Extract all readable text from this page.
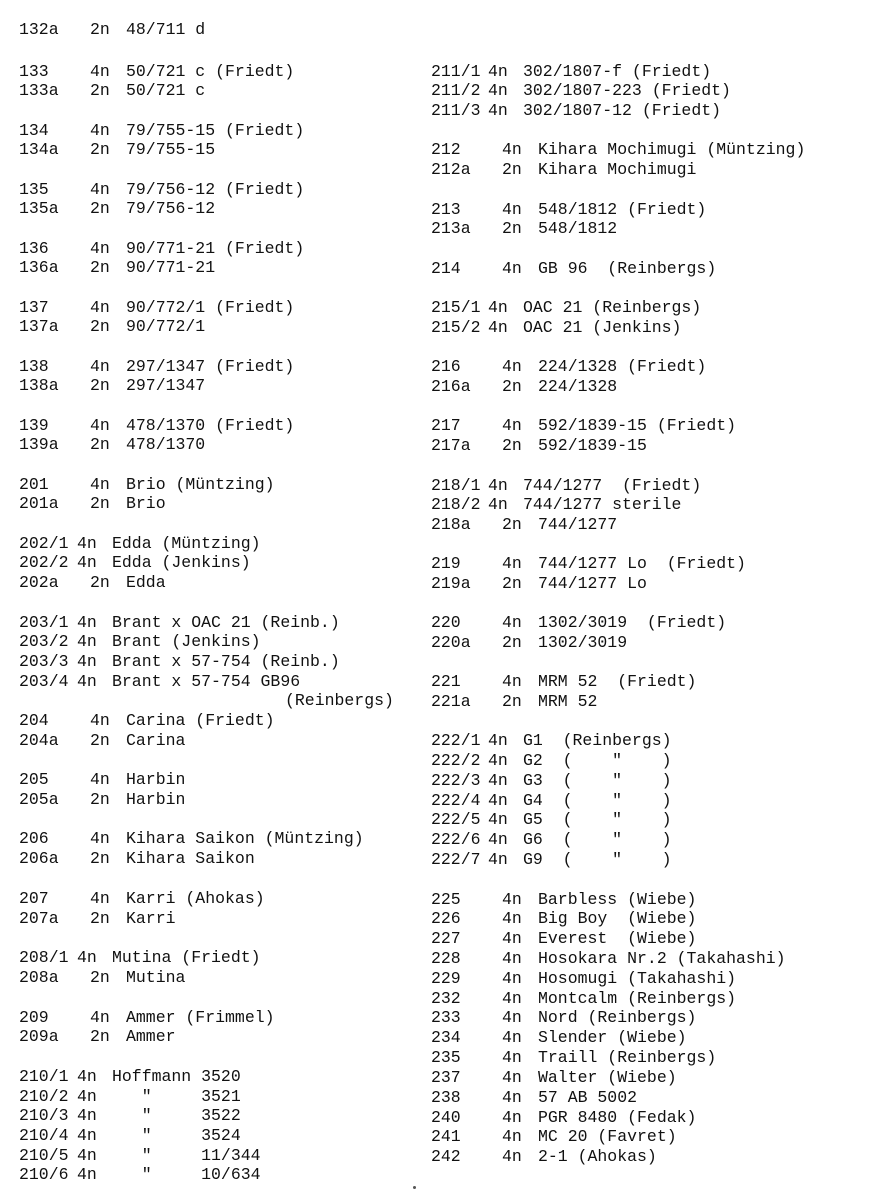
132a 2n 48/711 d
133	4n 50/721 c (Friedt)
133a 2n 50/721 c
134	4n 79/755-15 (Friedt)
134a 2n 79/755-15
135	4n 79/756-12 (Friedt)
135a 2n 79/756-12
136	4n 90/771-21 (Friedt)
136a 2n 90/771-21
137	4n 90/772/1 (Friedt)
137a 2n 90/772/1
138	4n 297/1347 (Friedt)
138a 2n 297/1347
139	4n 478/1370 (Friedt)
139a 2n 478/1370
201	4n Brio (Müntzing)
201a 2n Brio
202/1 4n Edda (Müntzing)
202/2 4n Edda (Jenkins)
202a 2n Edda
203/1 4n Brant x OAC 21 (Reinb.)
203/2 4n Brant (Jenkins)
203/3 4n Brant x 57-754 (Reinb.)
203/4 4n Brant x 57-754 GB96
(Reinbergs)
204	4n Carina (Friedt)
204a 2n Carina
205	4n Harbin
205a 2n Harbin
206	4n Kihara Saikon (Müntzing)
206a 2n Kihara Saikon
207	4n Karri (Ahokas)
207a 2n Karri
208/1 4n Mutina (Friedt)
208a 2n Mutina
209	4n Ammer (Frimmel)
209a 2n Ammer
210/1 4n Hoffmann 3520
210/2 4n "     3521
210/3 4n "     3522
210/4 4n "     3524
210/5 4n "     11/344
210/6 4n "     10/634
211/1 4n 302/1807-f (Friedt)
211/2 4n 302/1807-223 (Friedt)
211/3 4n 302/1807-12 (Friedt)
212	4n Kihara Mochimugi (Müntzing)
212a 2n Kihara Mochimugi
213	4n 548/1812 (Friedt)
213a 2n 548/1812
214	4n GB 96  (Reinbergs)
215/1 4n OAC 21 (Reinbergs)
215/2 4n OAC 21 (Jenkins)
216	4n 224/1328 (Friedt)
216a 2n 224/1328
217	4n 592/1839-15 (Friedt)
217a 2n 592/1839-15
218/1 4n 744/1277  (Friedt)
218/2 4n 744/1277 sterile
218a 2n 744/1277
219	4n 744/1277 Lo  (Friedt)
219a 2n 744/1277 Lo
220	4n 1302/3019  (Friedt)
220a 2n 1302/3019
221	4n MRM 52  (Friedt)
221a 2n MRM 52
222/1 4n G1  (Reinbergs)
222/2 4n G2  (    "    )
222/3 4n G3  (    "    )
222/4 4n G4  (    "    )
222/5 4n G5  (    "    )
222/6 4n G6  (    "    )
222/7 4n G9  (    "    )
225	4n Barbless (Wiebe)
226	4n Big Boy  (Wiebe)
227	4n Everest  (Wiebe)
228	4n Hosokara Nr.2 (Takahashi)
229	4n Hosomugi (Takahashi)
232	4n Montcalm (Reinbergs)
233	4n Nord (Reinbergs)
234	4n Slender (Wiebe)
235	4n Traill (Reinbergs)
237	4n Walter (Wiebe)
238	4n 57 AB 5002
240	4n PGR 8480 (Fedak)
241	4n MC 20 (Favret)
242	4n 2-1 (Ahokas)
